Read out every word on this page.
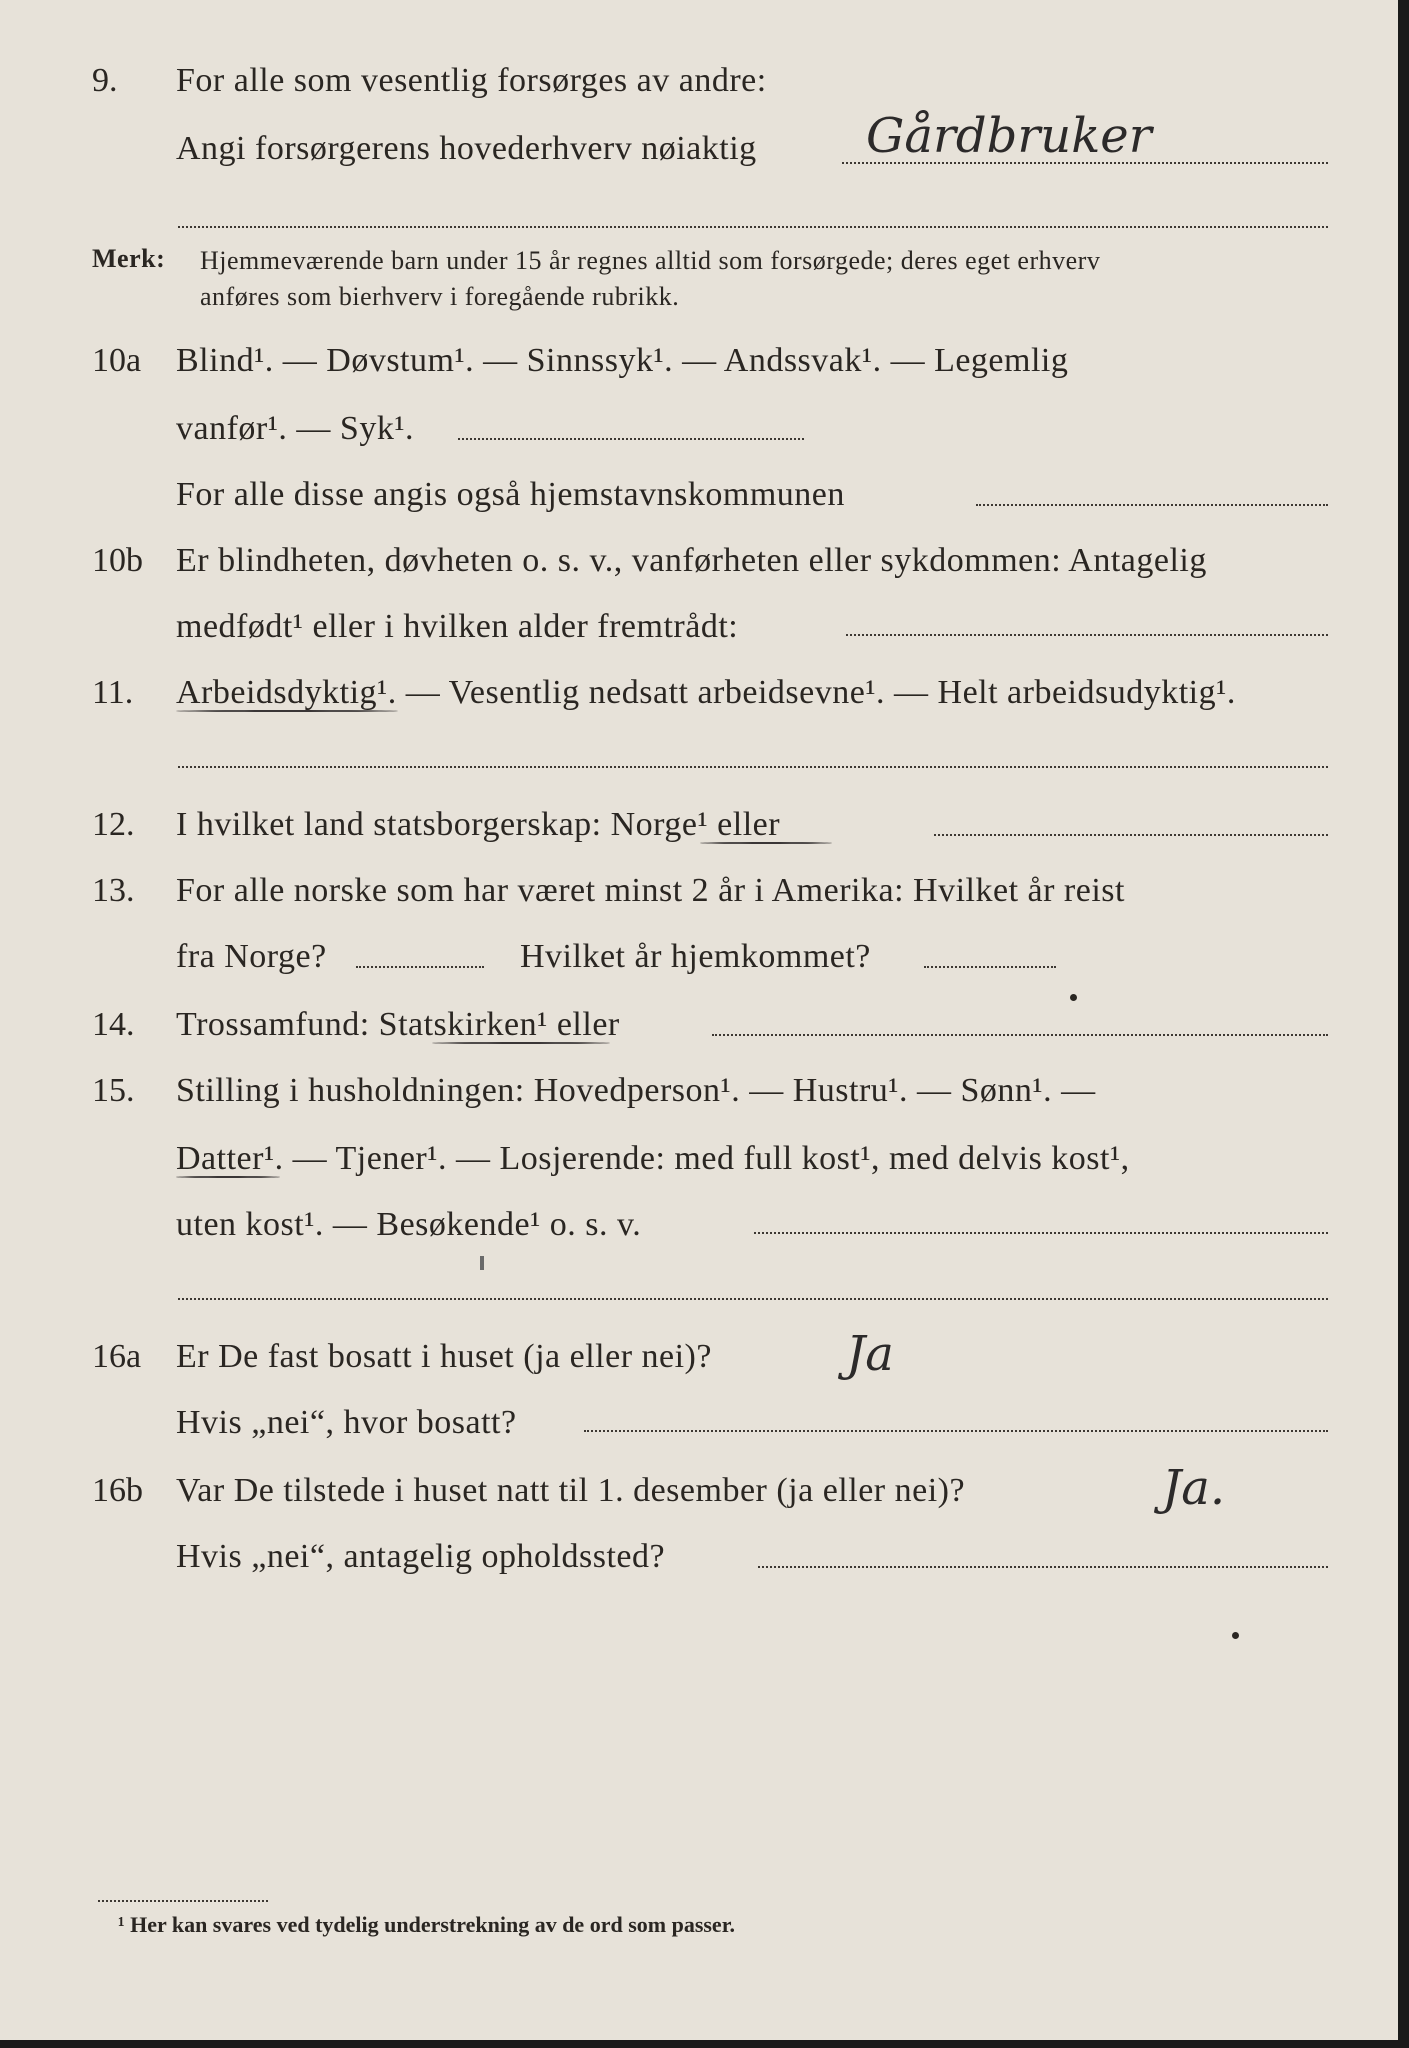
9. For alle som vesentlig forsørges av andre:
Angi forsørgerens hovederhverv nøiaktig Gårdbruker
Merk: Hjemmeværende barn under 15 år regnes alltid som forsørgede; deres eget erhverv
anføres som bierhverv i foregående rubrikk.
10a Blind¹. — Døvstum¹. — Sinnssyk¹. — Andssvak¹. — Legemlig
vanfør¹. — Syk¹.
For alle disse angis også hjemstavnskommunen
10b Er blindheten, døvheten o. s. v., vanførheten eller sykdommen: Antagelig
medfødt¹ eller i hvilken alder fremtrådt:
11. Arbeidsdyktig¹. — Vesentlig nedsatt arbeidsevne¹. — Helt arbeidsudyktig¹.
12. I hvilket land statsborgerskap: Norge¹ eller
13. For alle norske som har været minst 2 år i Amerika: Hvilket år reist
fra Norge?	Hvilket år hjemkommet?
14. Trossamfund: Statskirken¹ eller
15. Stilling i husholdningen: Hovedperson¹. — Hustru¹. — Sønn¹. —
Datter¹. — Tjener¹. — Losjerende: med full kost¹, med delvis kost¹,
uten kost¹. — Besøkende¹ o. s. v.
16a Er De fast bosatt i huset (ja eller nei)?	Ja
Hvis „nei“, hvor bosatt?
16b Var De tilstede i huset natt til 1. desember (ja eller nei)?	Ja.
Hvis „nei“, antagelig opholdssted?
¹ Her kan svares ved tydelig understrekning av de ord som passer.
